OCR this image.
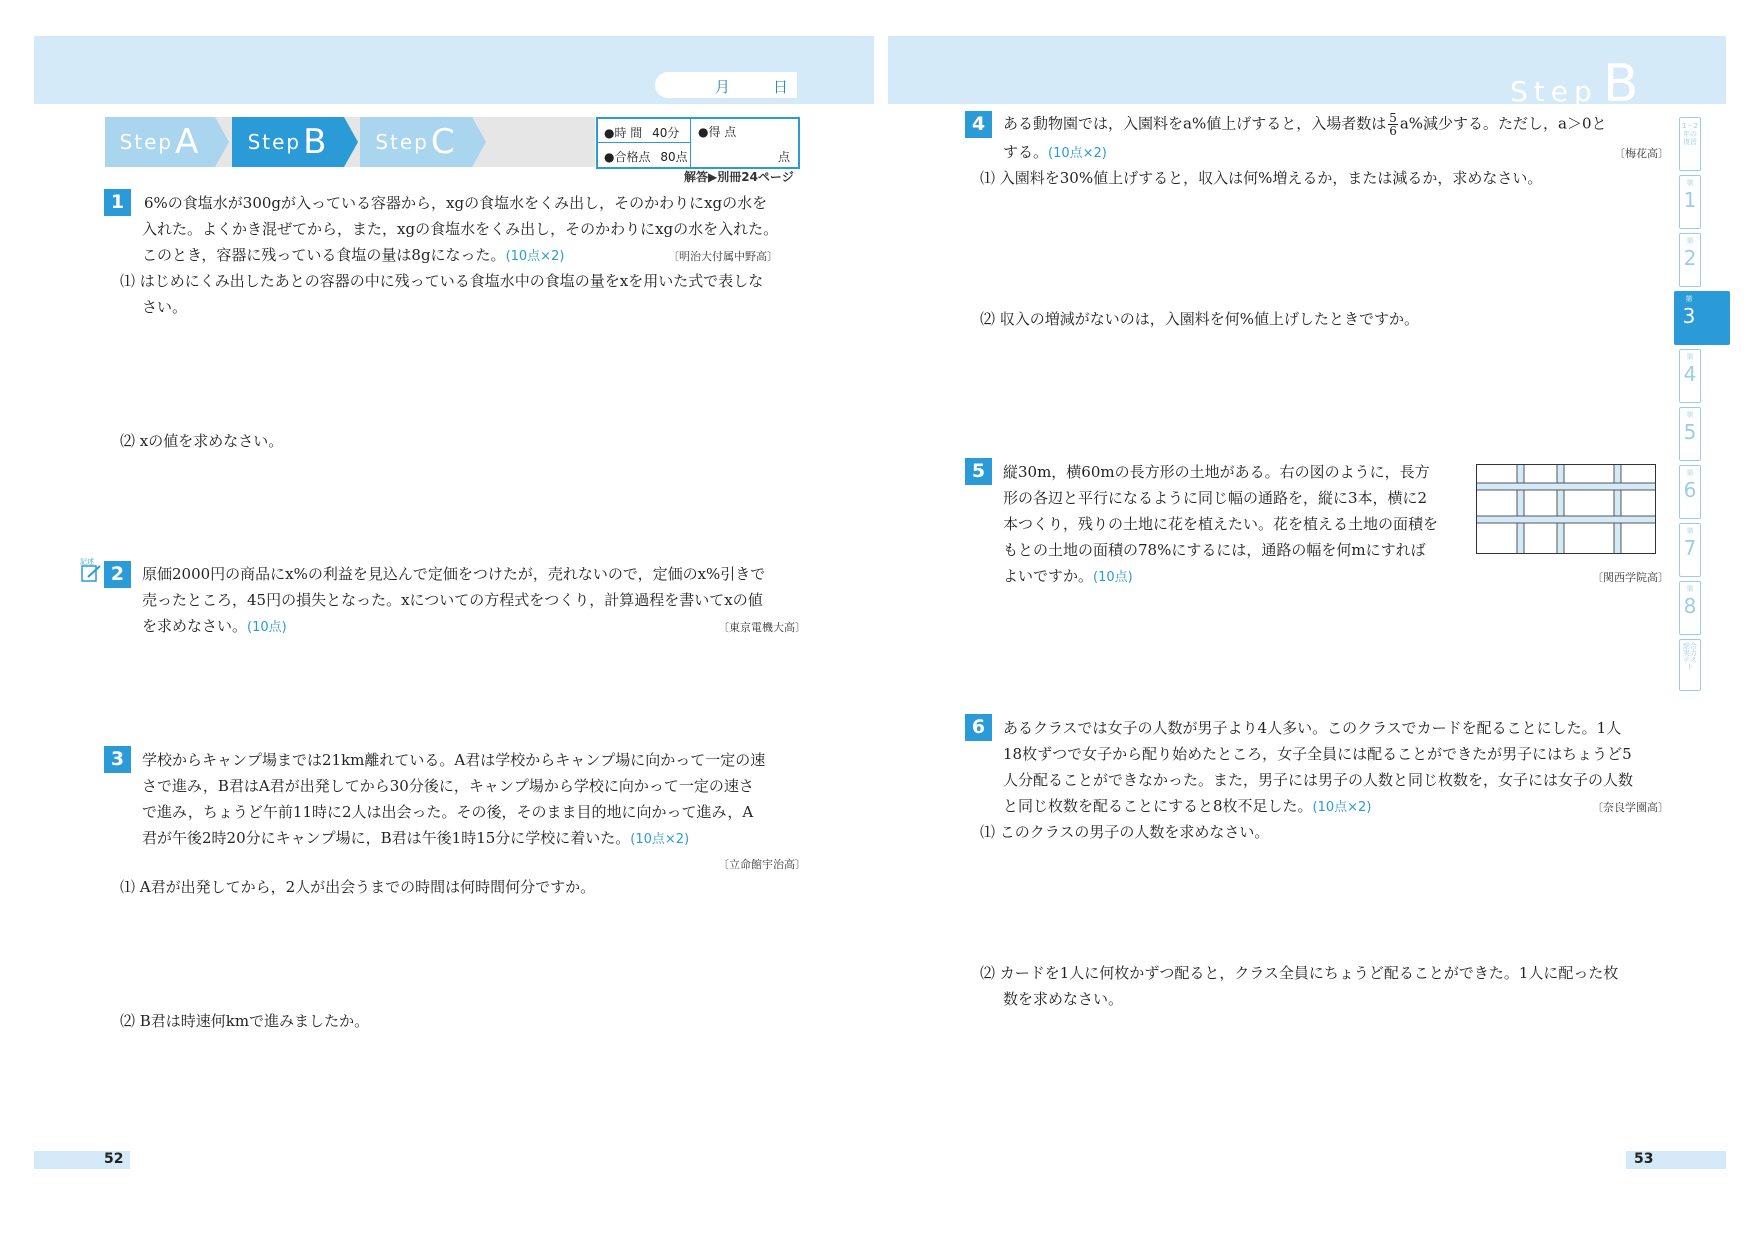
月	日
Step A Step B Step C	●時 間 40分
●合格点 80点
●得 点
点
解答▶別冊24ページ
1	6%の食塩水が300gが入っている容器から，xgの食塩水をくみ出し，そのかわりにxgの水を
入れた。よくかき混ぜてから，また，xgの食塩水をくみ出し，そのかわりにxgの水を入れた。
このとき，容器に残っている食塩の量は8gになった。(10点×2)	〔明治大付属中野高〕
⑴ はじめにくみ出したあとの容器の中に残っている食塩水中の食塩の量をxを用いた式で表しな
さい。
⑵ xの値を求めなさい。
記述
2	原価2000円の商品にx%の利益を見込んで定価をつけたが，売れないので，定価のx%引きで
売ったところ，45円の損失となった。xについての方程式をつくり，計算過程を書いてxの値
を求めなさい。(10点)	〔東京電機大高〕
3	学校からキャンプ場までは21km離れている。A君は学校からキャンプ場に向かって一定の速
さで進み，B君はA君が出発してから30分後に，キャンプ場から学校に向かって一定の速さ
で進み，ちょうど午前11時に2人は出会った。その後，そのまま目的地に向かって進み，A
君が午後2時20分にキャンプ場に，B君は午後1時15分に学校に着いた。(10点×2)
〔立命館宇治高〕
⑴ A君が出発してから，2人が出会うまでの時間は何時間何分ですか。
⑵ B君は時速何kmで進みましたか。
52
Step B
4	ある動物園では，入園料をa%値上げすると，入場者数は $\frac{5}{6} a\%$減少する。ただし，a＞0と
する。(10点×2)	〔梅花高〕
⑴ 入園料を30%値上げすると，収入は何%増えるか，または減るか，求めなさい。
⑵ 収入の増減がないのは，入園料を何%値上げしたときですか。
5	縦30m，横60mの長方形の土地がある。右の図のように，長方
形の各辺と平行になるように同じ幅の通路を，縦に3本，横に2
本つくり，残りの土地に花を植えたい。花を植える土地の面積を
もとの土地の面積の78%にするには，通路の幅を何mにすれば
よいですか。(10点)	〔関西学院高〕
6	あるクラスでは女子の人数が男子より4人多い。このクラスでカードを配ることにした。1人
18枚ずつで女子から配り始めたところ，女子全員には配ることができたが男子にはちょうど5
人分配ることができなかった。また，男子には男子の人数と同じ枚数を，女子には女子の人数
と同じ枚数を配ることにすると8枚不足した。(10点×2)	〔奈良学園高〕
⑴ このクラスの男子の人数を求めなさい。
⑵ カードを1人に何枚かずつ配ると，クラス全員にちょうど配ることができた。1人に配った枚
数を求めなさい。
1・2年の復習
第
1
第
2
第
3
第
4
第
5
第
6
第
7
第
8
総合実力テスト
53
